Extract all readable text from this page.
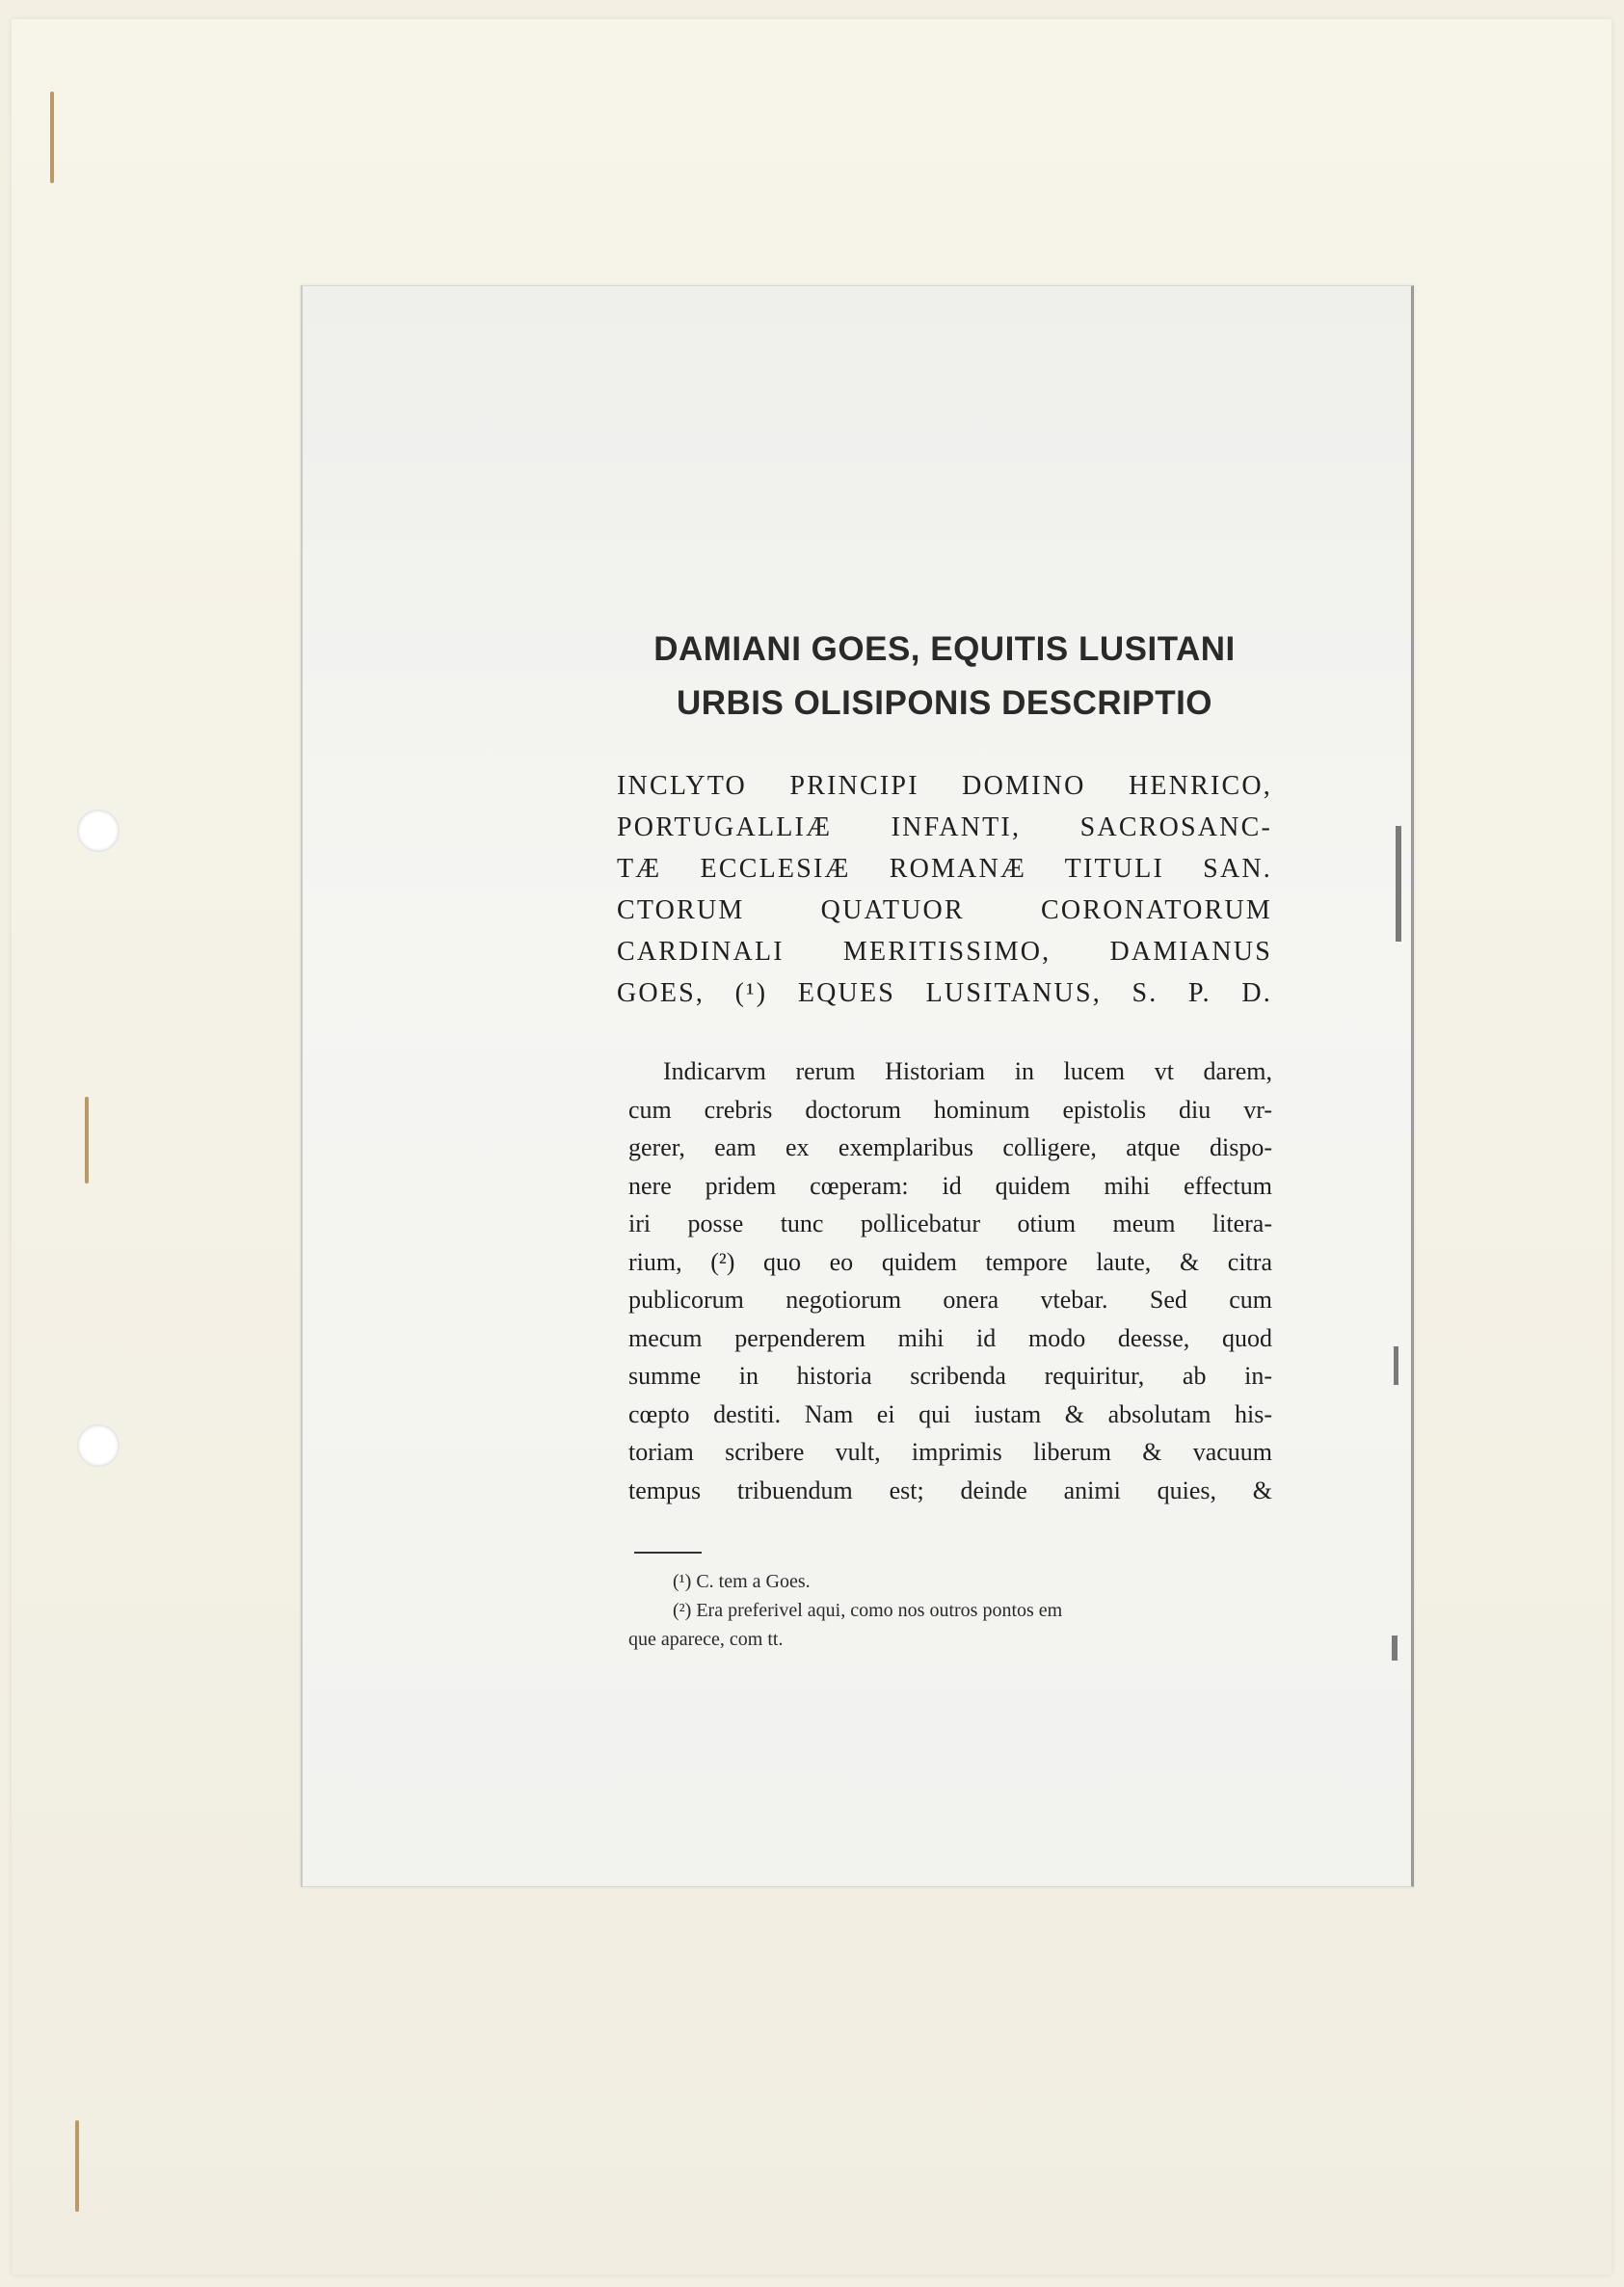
DAMIANI GOES, EQUITIS LUSITANI
URBIS OLISIPONIS DESCRIPTIO
INCLYTO PRINCIPI DOMINO HENRICO,
PORTUGALLIÆ INFANTI, SACROSANC-
TÆ ECCLESIÆ ROMANÆ TITULI SAN.
CTORUM QUATUOR CORONATORUM
CARDINALI MERITISSIMO, DAMIANUS
GOES, (¹) EQUES LUSITANUS, S. P. D.
Indicarvm rerum Historiam in lucem vt darem,
cum crebris doctorum hominum epistolis diu vr-
gerer, eam ex exemplaribus colligere, atque dispo-
nere pridem cœperam: id quidem mihi effectum
iri posse tunc pollicebatur otium meum litera-
rium, (²) quo eo quidem tempore laute, & citra
publicorum negotiorum onera vtebar. Sed cum
mecum perpenderem mihi id modo deesse, quod
summe in historia scribenda requiritur, ab in-
cœpto destiti. Nam ei qui iustam & absolutam his-
toriam scribere vult, imprimis liberum & vacuum
tempus tribuendum est; deinde animi quies, &
(¹) C. tem a Goes.
(²) Era preferivel aqui, como nos outros pontos em
que aparece, com tt.
